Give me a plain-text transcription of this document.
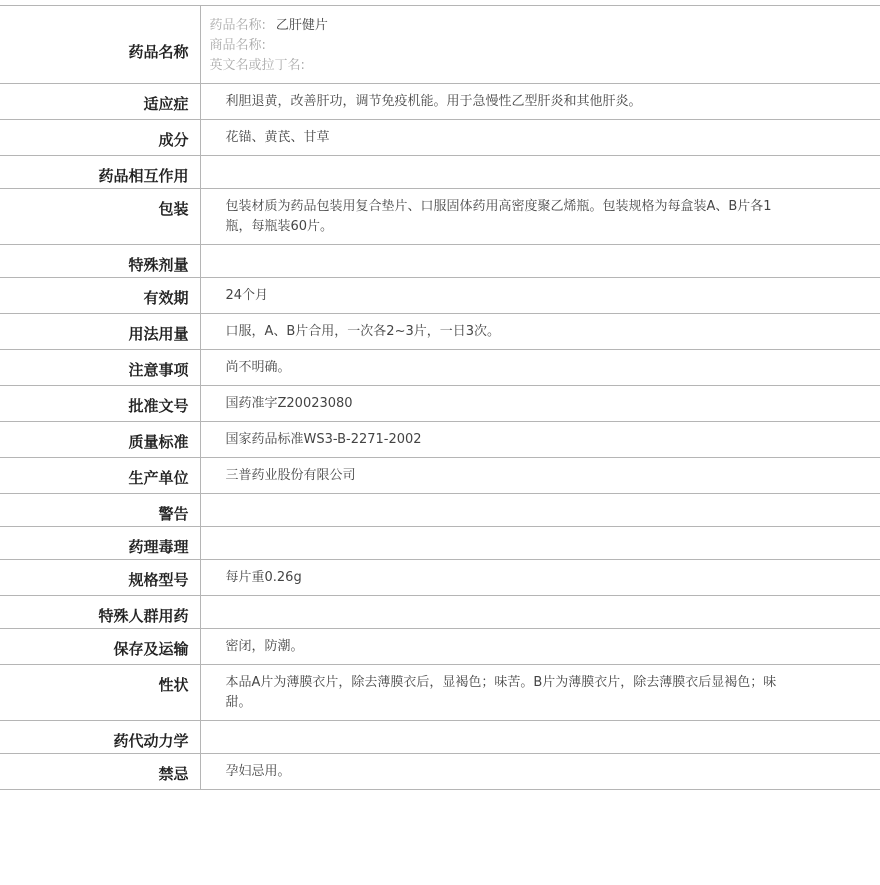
药品名称	药品名称: 乙肝健片
商品名称:
英文名或拉丁名:

适应症	利胆退黄，改善肝功，调节免疫机能。用于急慢性乙型肝炎和其他肝炎。

成分	花锚、黄芪、甘草

药品相互作用	

包装	包装材质为药品包装用复合垫片、口服固体药用高密度聚乙烯瓶。包装规格为每盒装A、B片各1瓶，每瓶装60片。

特殊剂量	

有效期	24个月

用法用量	口服，A、B片合用，一次各2~3片，一日3次。

注意事项	尚不明确。

批准文号	国药准字Z20023080

质量标准	国家药品标准WS3-B-2271-2002

生产单位	三普药业股份有限公司

警告	

药理毒理	

规格型号	每片重0.26g

特殊人群用药	

保存及运输	密闭，防潮。

性状	本品A片为薄膜衣片，除去薄膜衣后，显褐色；味苦。B片为薄膜衣片，除去薄膜衣后显褐色；味甜。

药代动力学	

禁忌	孕妇忌用。
